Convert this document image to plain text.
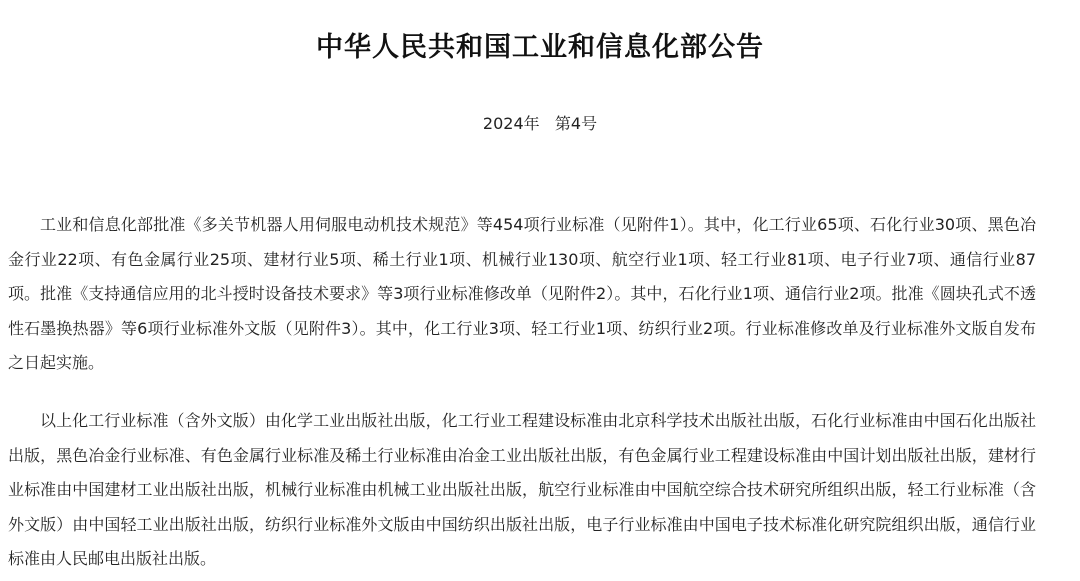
中华人民共和国工业和信息化部公告

2024年 第4号

工业和信息化部批准《多关节机器人用伺服电动机技术规范》等454项行业标准（见附件1）。其中，化工行业65项、石化行业30项、黑色冶金行业22项、有色金属行业25项、建材行业5项、稀土行业1项、机械行业130项、航空行业1项、轻工行业81项、电子行业7项、通信行业87项。批准《支持通信应用的北斗授时设备技术要求》等3项行业标准修改单（见附件2）。其中，石化行业1项、通信行业2项。批准《圆块孔式不透性石墨换热器》等6项行业标准外文版（见附件3）。其中，化工行业3项、轻工行业1项、纺织行业2项。行业标准修改单及行业标准外文版自发布之日起实施。

以上化工行业标准（含外文版）由化学工业出版社出版，化工行业工程建设标准由北京科学技术出版社出版，石化行业标准由中国石化出版社出版，黑色冶金行业标准、有色金属行业标准及稀土行业标准由冶金工业出版社出版，有色金属行业工程建设标准由中国计划出版社出版，建材行业标准由中国建材工业出版社出版，机械行业标准由机械工业出版社出版，航空行业标准由中国航空综合技术研究所组织出版，轻工行业标准（含外文版）由中国轻工业出版社出版，纺织行业标准外文版由中国纺织出版社出版，电子行业标准由中国电子技术标准化研究院组织出版，通信行业标准由人民邮电出版社出版。
